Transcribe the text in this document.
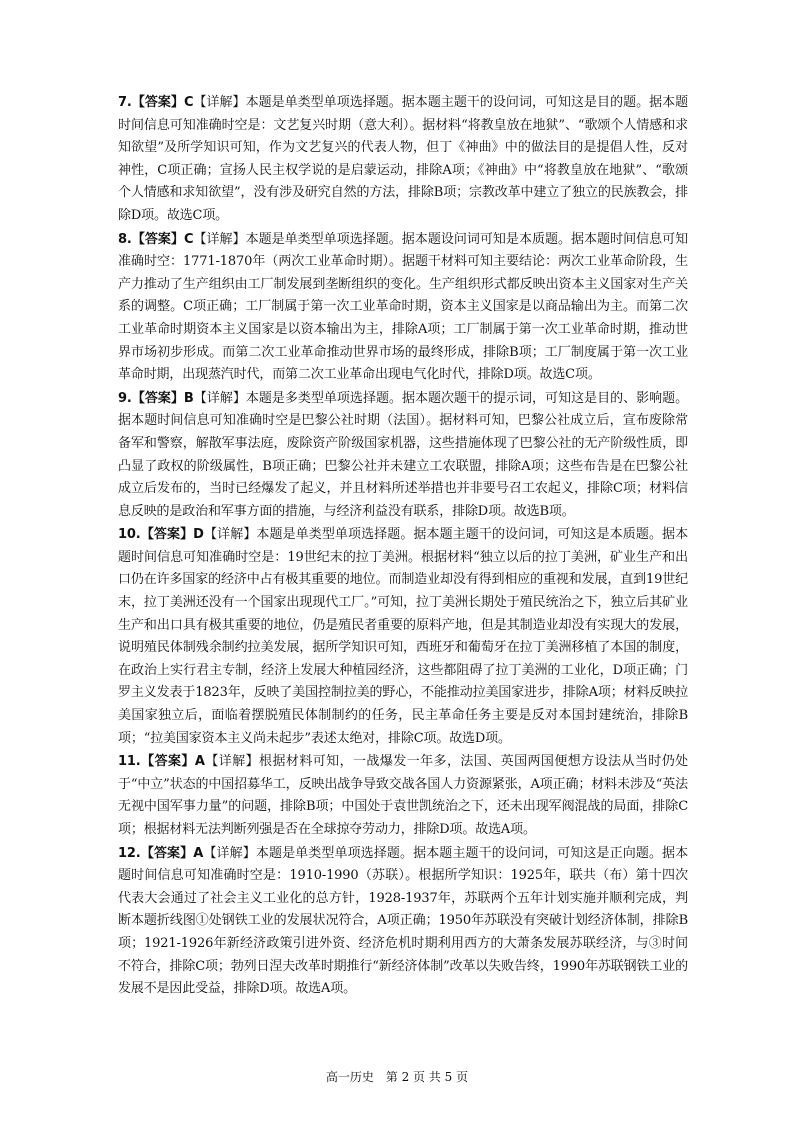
7.【答案】C【详解】本题是单类型单项选择题。据本题主题干的设问词，可知这是目的题。据本题时间信息可知准确时空是：文艺复兴时期（意大利）。据材料“将教皇放在地狱”、“歌颂个人情感和求知欲望”及所学知识可知，作为文艺复兴的代表人物，但丁《神曲》中的做法目的是提倡人性，反对神性，C项正确；宣扬人民主权学说的是启蒙运动，排除A项；《神曲》中“将教皇放在地狱”、“歌颂个人情感和求知欲望”，没有涉及研究自然的方法，排除B项；宗教改革中建立了独立的民族教会，排除D项。故选C项。

8.【答案】C【详解】本题是单类型单项选择题。据本题设问词可知是本质题。据本题时间信息可知准确时空：1771-1870年（两次工业革命时期）。据题干材料可知主要结论：两次工业革命阶段，生产力推动了生产组织由工厂制发展到垄断组织的变化。生产组织形式都反映出资本主义国家对生产关系的调整。C项正确；工厂制属于第一次工业革命时期，资本主义国家是以商品输出为主。而第二次工业革命时期资本主义国家是以资本输出为主，排除A项；工厂制属于第一次工业革命时期，推动世界市场初步形成。而第二次工业革命推动世界市场的最终形成，排除B项；工厂制度属于第一次工业革命时期，出现蒸汽时代，而第二次工业革命出现电气化时代，排除D项。故选C项。

9.【答案】B【详解】本题是多类型单项选择题。据本题次题干的提示词，可知这是目的、影响题。据本题时间信息可知准确时空是巴黎公社时期（法国）。据材料可知，巴黎公社成立后，宣布废除常备军和警察，解散军事法庭，废除资产阶级国家机器，这些措施体现了巴黎公社的无产阶级性质，即凸显了政权的阶级属性，B项正确；巴黎公社并未建立工农联盟，排除A项；这些布告是在巴黎公社成立后发布的，当时已经爆发了起义，并且材料所述举措也并非要号召工农起义，排除C项；材料信息反映的是政治和军事方面的措施，与经济利益没有联系，排除D项。故选B项。

10.【答案】D【详解】本题是单类型单项选择题。据本题主题干的设问词，可知这是本质题。据本题时间信息可知准确时空是：19世纪末的拉丁美洲。根据材料“独立以后的拉丁美洲，矿业生产和出口仍在许多国家的经济中占有极其重要的地位。而制造业却没有得到相应的重视和发展，直到19世纪末，拉丁美洲还没有一个国家出现现代工厂。”可知，拉丁美洲长期处于殖民统治之下，独立后其矿业生产和出口具有极其重要的地位，仍是殖民者重要的原料产地，但是其制造业却没有实现大的发展，说明殖民体制残余制约拉美发展，据所学知识可知，西班牙和葡萄牙在拉丁美洲移植了本国的制度，在政治上实行君主专制，经济上发展大种植园经济，这些都阻碍了拉丁美洲的工业化，D项正确；门罗主义发表于1823年，反映了美国控制拉美的野心，不能推动拉美国家进步，排除A项；材料反映拉美国家独立后，面临着摆脱殖民体制制约的任务，民主革命任务主要是反对本国封建统治，排除B项；“拉美国家资本主义尚未起步”表述太绝对，排除C项。故选D项。

11.【答案】A【详解】根据材料可知，一战爆发一年多，法国、英国两国便想方设法从当时仍处于“中立”状态的中国招募华工，反映出战争导致交战各国人力资源紧张，A项正确；材料未涉及“英法无视中国军事力量”的问题，排除B项；中国处于袁世凯统治之下，还未出现军阀混战的局面，排除C项；根据材料无法判断列强是否在全球掠夺劳动力，排除D项。故选A项。

12.【答案】A【详解】本题是单类型单项选择题。据本题主题干的设问词，可知这是正向题。据本题时间信息可知准确时空是：1910-1990（苏联）。根据所学知识：1925年，联共（布）第十四次代表大会通过了社会主义工业化的总方针，1928-1937年，苏联两个五年计划实施并顺利完成，判断本题折线图①处钢铁工业的发展状况符合，A项正确；1950年苏联没有突破计划经济体制，排除B项；1921-1926年新经济政策引进外资、经济危机时期利用西方的大萧条发展苏联经济，与③时间不符合，排除C项；勃列日涅夫改革时期推行“新经济体制”改革以失败告终，1990年苏联钢铁工业的发展不是因此受益，排除D项。故选A项。

高一历史 第 2 页 共 5 页
